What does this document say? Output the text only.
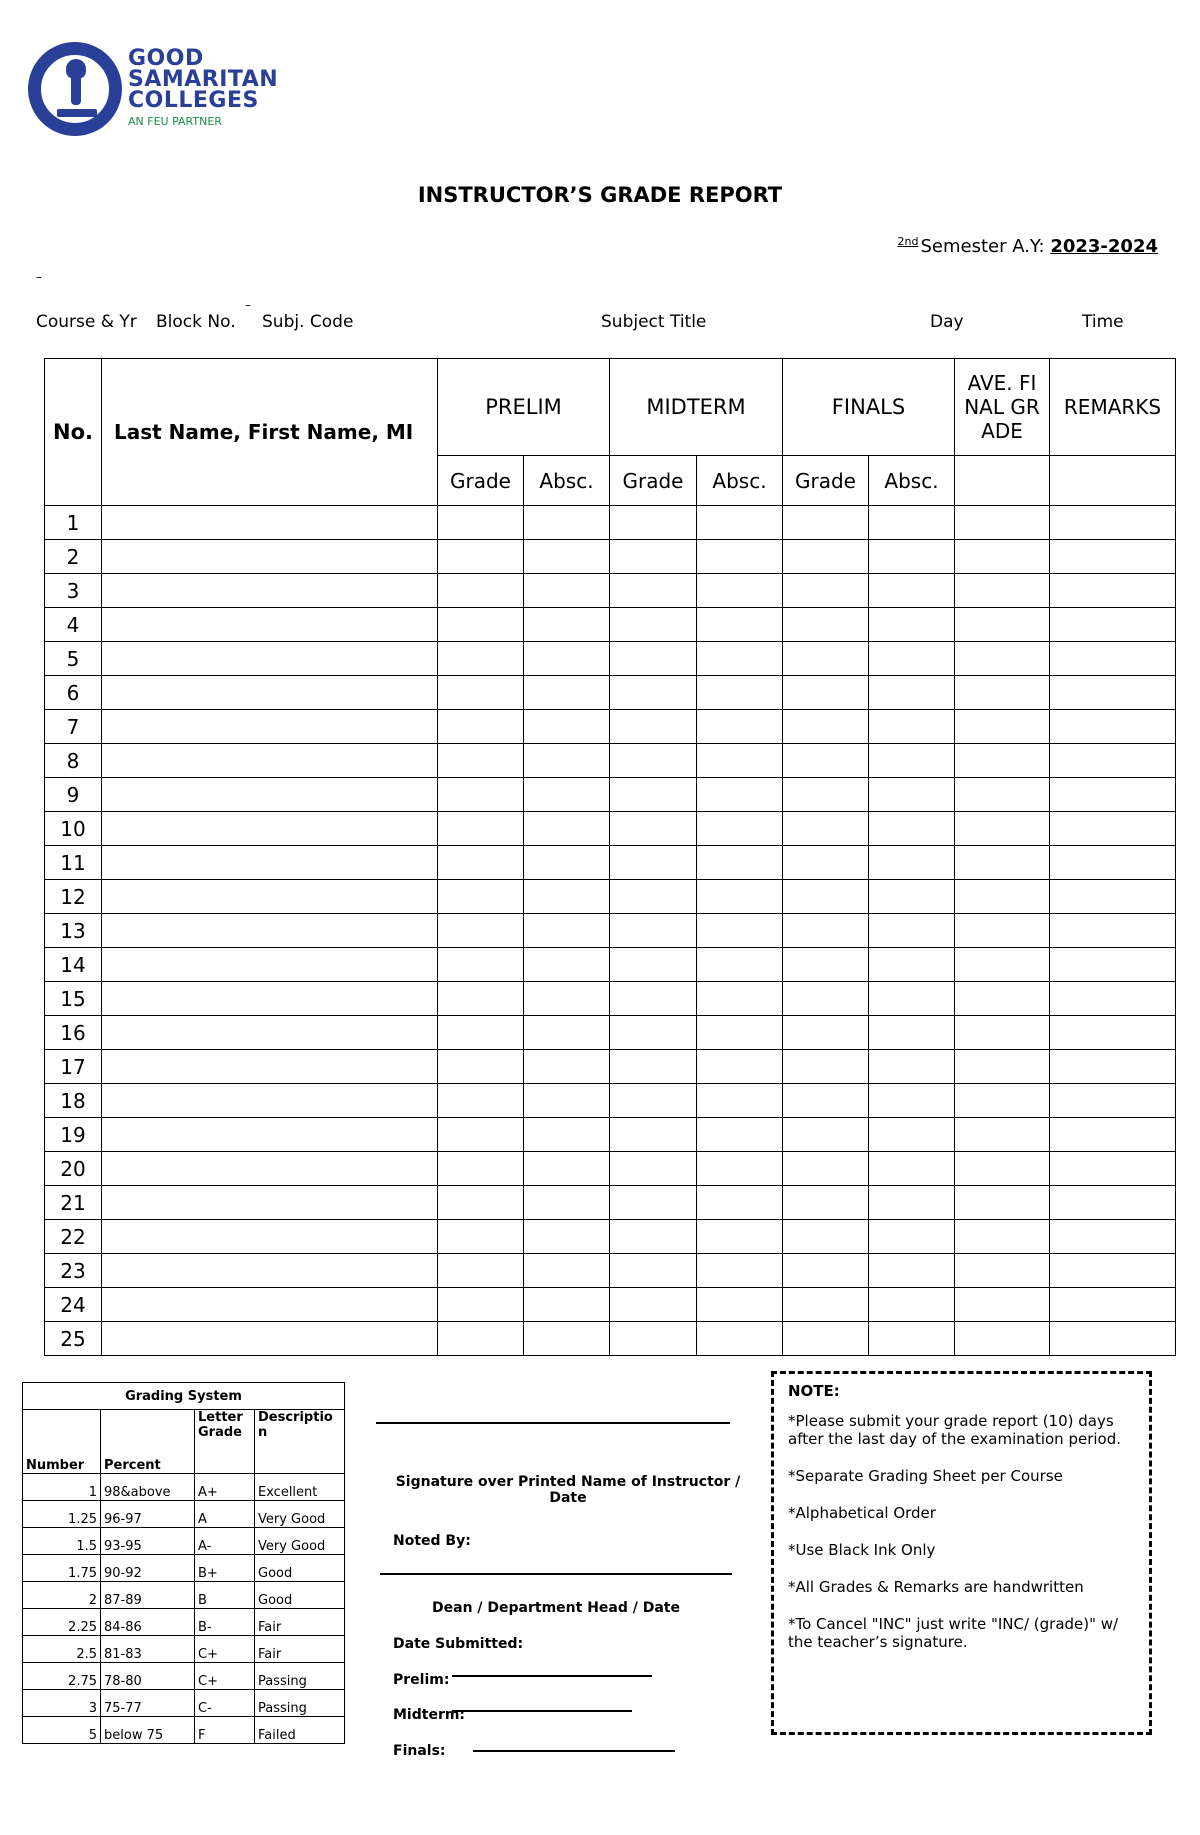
GOOD
SAMARITAN
COLLEGES
AN FEU PARTNER
INSTRUCTOR’S GRADE REPORT
$^{2nd}$ Semester A.Y: 2023-2024
–
Course & Yr Block No.
–
Subj. Code	Subject Title	Day	Time
No.	Last Name, First Name, MI	PRELIM		MIDTERM		FINALS		AVE. FINAL GRADE	REMARKS
		Grade	Absc.	Grade	Absc.	Grade	Absc.		
1									
2									
3									
4									
5									
6									
7									
8									
9									
10									
11									
12									
13									
14									
15									
16									
17									
18									
19									
20									
21									
22									
23									
24									
25									
Grading System			
Number	Percent	Letter Grade	Description
1	98&above	A+	Excellent
1.25	96-97	A	Very Good
1.5	93-95	A-	Very Good
1.75	90-92	B+	Good
2	87-89	B	Good
2.25	84-86	B-	Fair
2.5	81-83	C+	Fair
2.75	78-80	C+	Passing
3	75-77	C-	Passing
5	below 75	F	Failed
Signature over Printed Name of Instructor / Date
Noted By:
Dean / Department Head / Date
Date Submitted:
Prelim:
Midterm:
Finals:

NOTE:

*Please submit your grade report (10) days after the last day of the examination period.

*Separate Grading Sheet per Course

*Alphabetical Order

*Use Black Ink Only

*All Grades & Remarks are handwritten

*To Cancel "INC" just write "INC/ (grade)" w/ the teacher’s signature.
